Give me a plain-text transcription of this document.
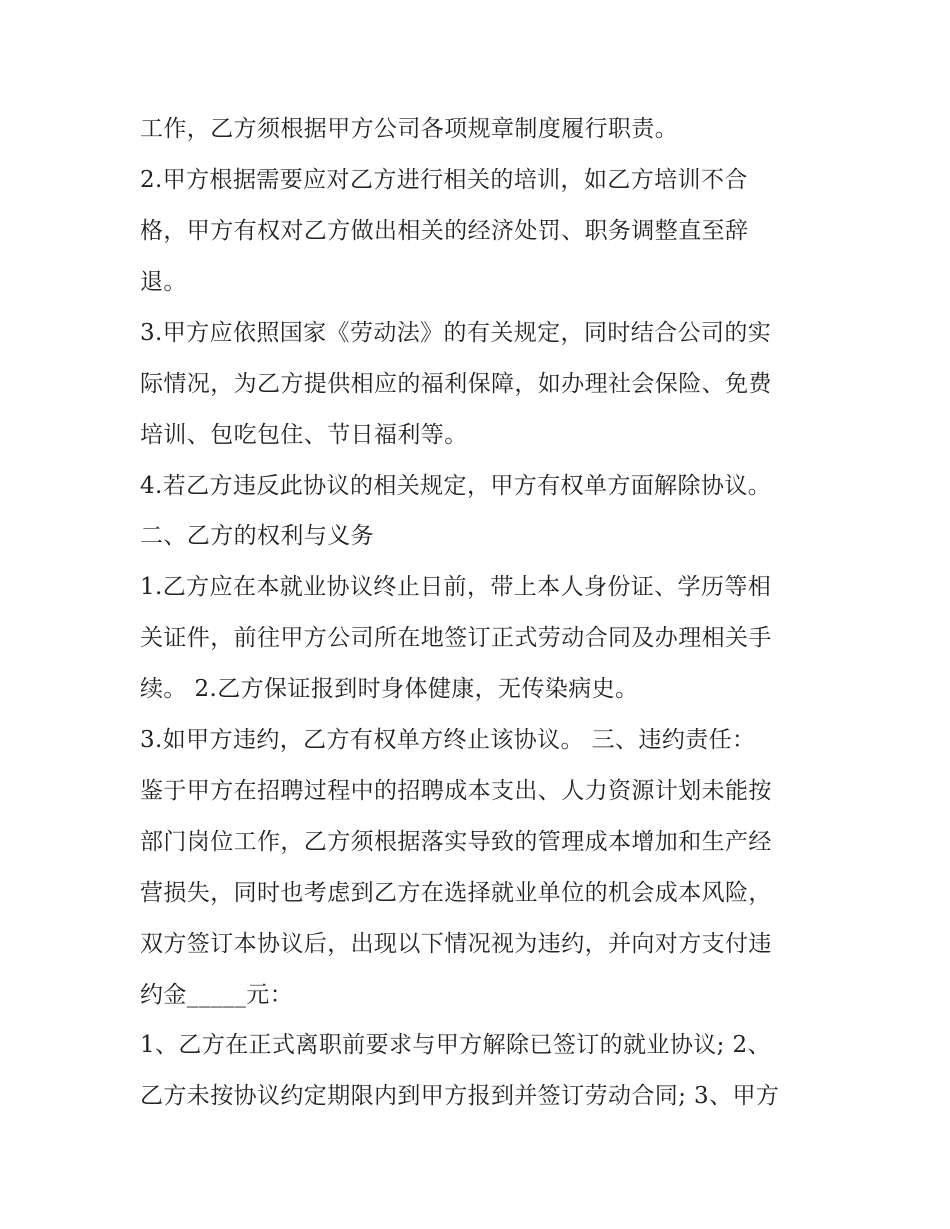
工作，乙方须根据甲方公司各项规章制度履行职责。
2.甲方根据需要应对乙方进行相关的培训，如乙方培训不合
格，甲方有权对乙方做出相关的经济处罚、职务调整直至辞
退。
3.甲方应依照国家《劳动法》的有关规定，同时结合公司的实
际情况，为乙方提供相应的福利保障，如办理社会保险、免费
培训、包吃包住、节日福利等。
4.若乙方违反此协议的相关规定，甲方有权单方面解除协议。
二、乙方的权利与义务
1.乙方应在本就业协议终止日前，带上本人身份证、学历等相
关证件，前往甲方公司所在地签订正式劳动合同及办理相关手
续。 2.乙方保证报到时身体健康，无传染病史。
3.如甲方违约，乙方有权单方终止该协议。 三、违约责任：
鉴于甲方在招聘过程中的招聘成本支出、人力资源计划未能按
部门岗位工作，乙方须根据落实导致的管理成本增加和生产经
营损失，同时也考虑到乙方在选择就业单位的机会成本风险，
双方签订本协议后，出现以下情况视为违约，并向对方支付违
约金_____元：
1、乙方在正式离职前要求与甲方解除已签订的就业协议; 2、
乙方未按协议约定期限内到甲方报到并签订劳动合同; 3、甲方
